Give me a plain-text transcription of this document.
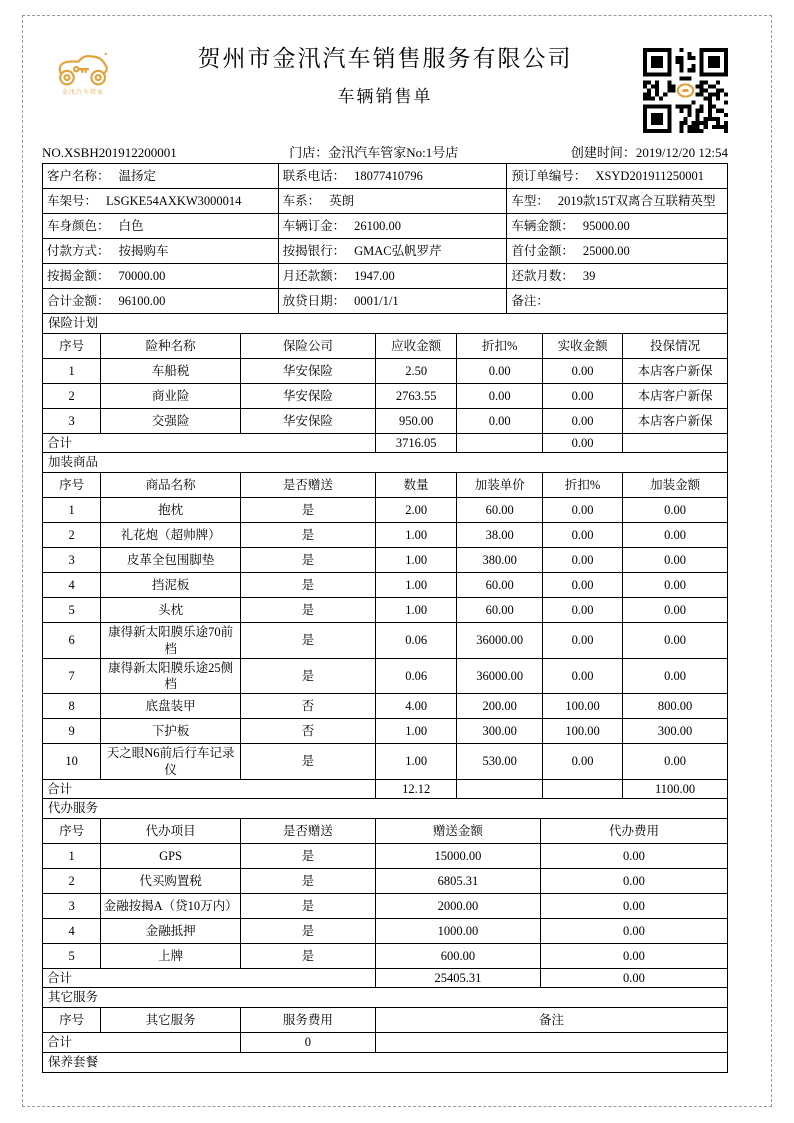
金汛汽车管家
贺州市金汛汽车销售服务有限公司
车辆销售单
NO.XSBH201912200001	门店：金汛汽车管家No:1号店	创建时间：2019/12/20 12:54
客户名称： 温扬定	联系电话： 18077410796	预订单编号： XSYD201911250001
车架号： LSGKE54AXKW3000014	车系： 英朗	车型： 2019款15T双离合互联精英型
车身颜色： 白色	车辆订金： 26100.00	车辆金额： 95000.00
付款方式： 按揭购车	按揭银行： GMAC弘帆罗芹	首付金额： 25000.00
按揭金额： 70000.00	月还款额： 1947.00	还款月数： 39
合计金额： 96100.00	放贷日期： 0001/1/1	备注：
保险计划
序号	险种名称	保险公司	应收金额	折扣%	实收金额	投保情况
1	车船税	华安保险	2.50	0.00	0.00	本店客户新保
2	商业险	华安保险	2763.55	0.00	0.00	本店客户新保
3	交强险	华安保险	950.00	0.00	0.00	本店客户新保
合计			3716.05		0.00	
加装商品
序号	商品名称	是否赠送	数量	加装单价	折扣%	加装金额
1	抱枕	是	2.00	60.00	0.00	0.00
2	礼花炮（超帅牌）	是	1.00	38.00	0.00	0.00
3	皮革全包围脚垫	是	1.00	380.00	0.00	0.00
4	挡泥板	是	1.00	60.00	0.00	0.00
5	头枕	是	1.00	60.00	0.00	0.00
6	康得新太阳膜乐途70前档	是	0.06	36000.00	0.00	0.00
7	康得新太阳膜乐途25侧档	是	0.06	36000.00	0.00	0.00
8	底盘装甲	否	4.00	200.00	100.00	800.00
9	下护板	否	1.00	300.00	100.00	300.00
10	天之眼N6前后行车记录仪	是	1.00	530.00	0.00	0.00
合计			12.12			1100.00
代办服务
序号	代办项目	是否赠送	赠送金额	代办费用
1	GPS	是	15000.00	0.00
2	代买购置税	是	6805.31	0.00
3	金融按揭A（贷10万内）	是	2000.00	0.00
4	金融抵押	是	1000.00	0.00
5	上牌	是	600.00	0.00
合计			25405.31	0.00
其它服务
序号	其它服务	服务费用	备注
合计		0	
保养套餐
